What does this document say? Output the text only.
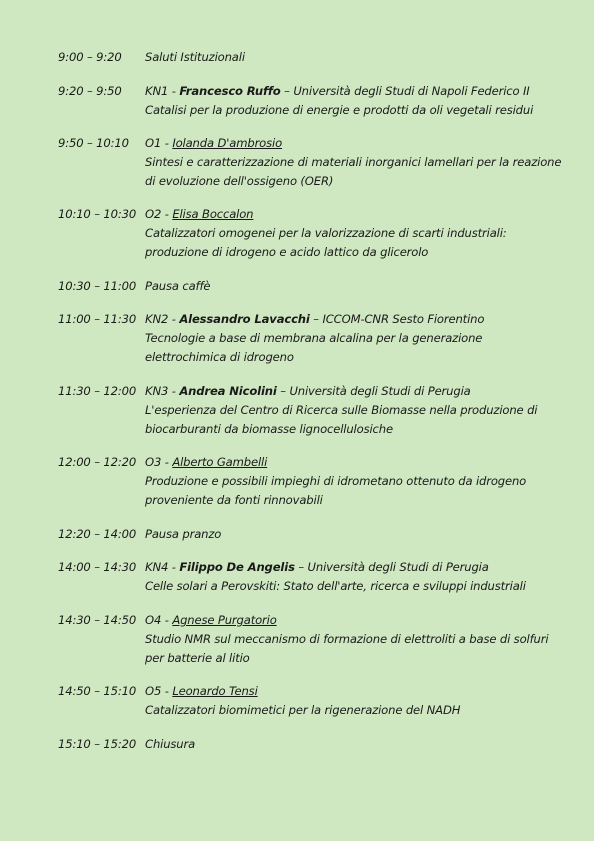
9:00 – 9:20	Saluti Istituzionali
9:20 – 9:50	KN1 - Francesco Ruffo – Università degli Studi di Napoli Federico II
Catalisi per la produzione di energie e prodotti da oli vegetali residui
9:50 – 10:10	O1 - Iolanda D'ambrosio
Sintesi e caratterizzazione di materiali inorganici lamellari per la reazione
di evoluzione dell'ossigeno (OER)
10:10 – 10:30 O2 - Elisa Boccalon
Catalizzatori omogenei per la valorizzazione di scarti industriali:
produzione di idrogeno e acido lattico da glicerolo
10:30 – 11:00 Pausa caffè
11:00 – 11:30 KN2 - Alessandro Lavacchi – ICCOM-CNR Sesto Fiorentino
Tecnologie a base di membrana alcalina per la generazione
elettrochimica di idrogeno
11:30 – 12:00 KN3 - Andrea Nicolini – Università degli Studi di Perugia
L'esperienza del Centro di Ricerca sulle Biomasse nella produzione di
biocarburanti da biomasse lignocellulosiche
12:00 – 12:20 O3 - Alberto Gambelli
Produzione e possibili impieghi di idrometano ottenuto da idrogeno
proveniente da fonti rinnovabili
12:20 – 14:00 Pausa pranzo
14:00 – 14:30 KN4 - Filippo De Angelis – Università degli Studi di Perugia
Celle solari a Perovskiti: Stato dell'arte, ricerca e sviluppi industriali
14:30 – 14:50 O4 - Agnese Purgatorio
Studio NMR sul meccanismo di formazione di elettroliti a base di solfuri
per batterie al litio
14:50 – 15:10 O5 - Leonardo Tensi
Catalizzatori biomimetici per la rigenerazione del NADH
15:10 – 15:20 Chiusura
